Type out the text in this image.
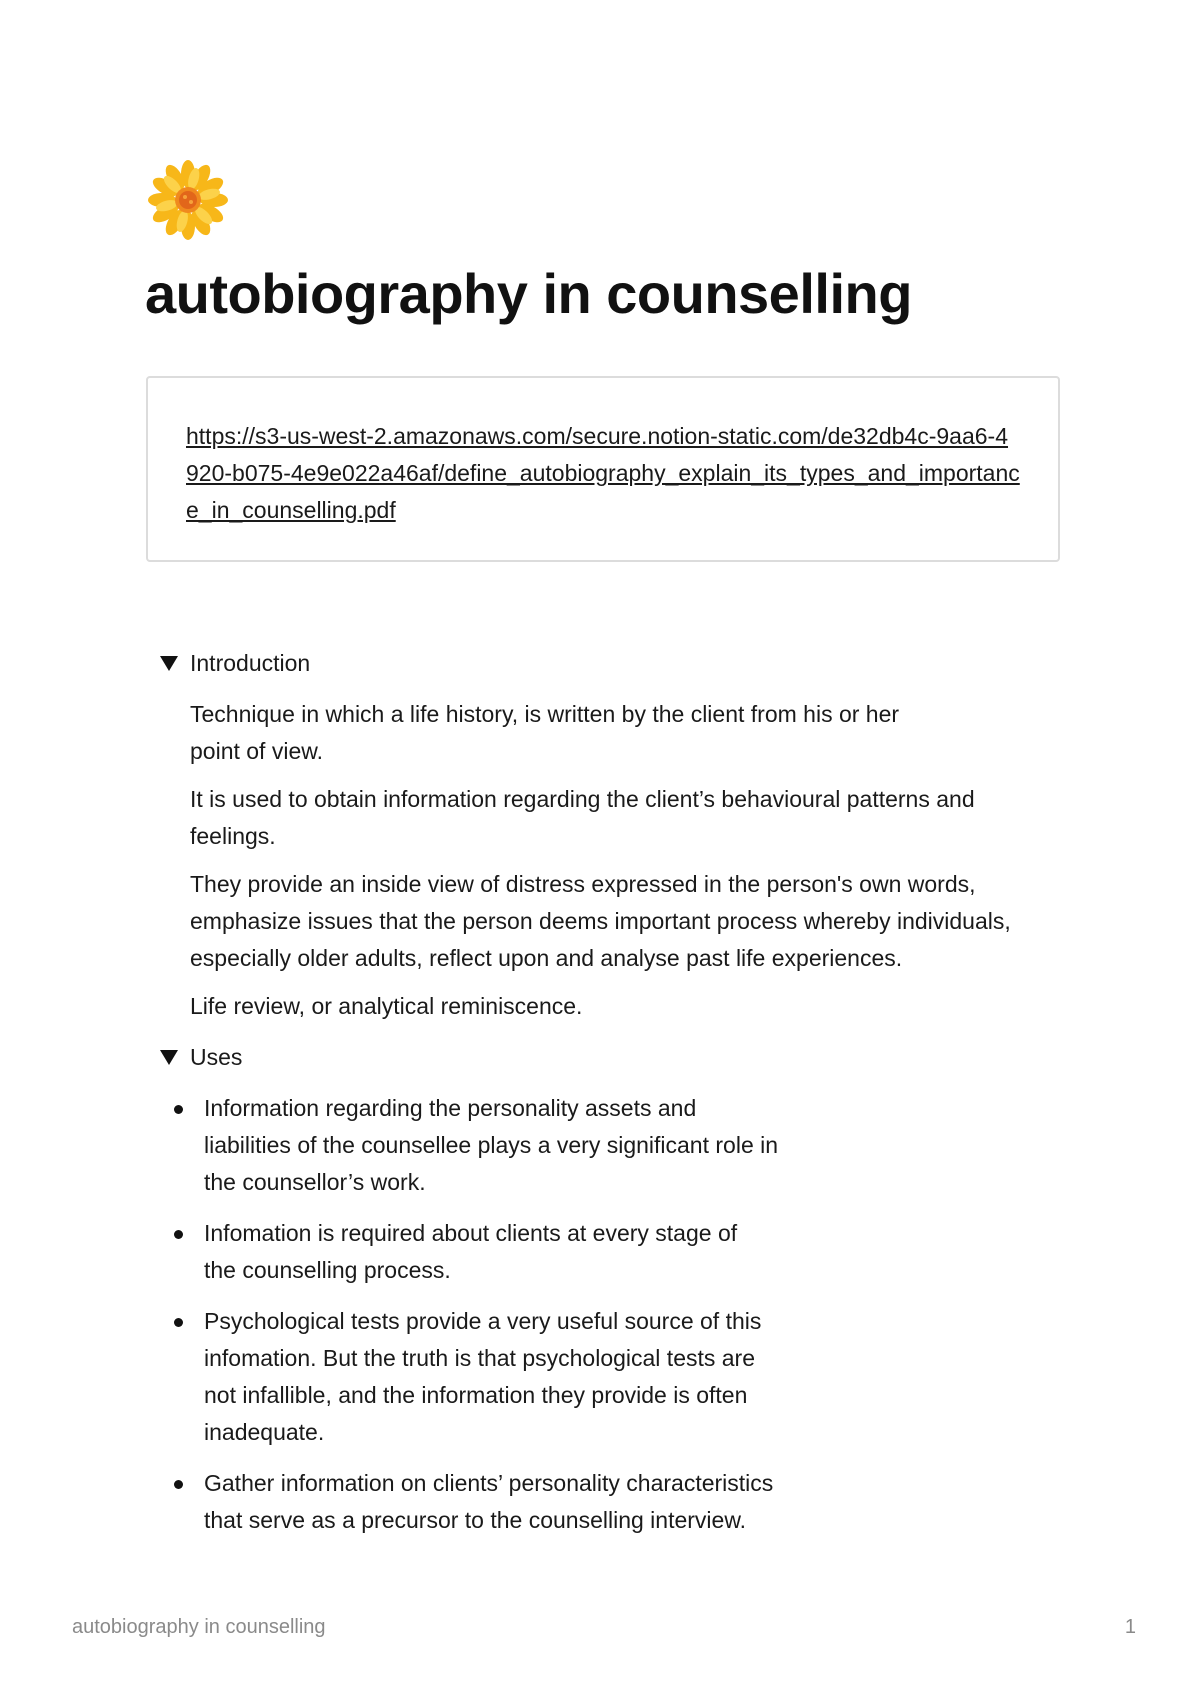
autobiography in counselling
https://s3-us-west-2.amazonaws.com/secure.notion-static.com/de32db4c-9aa6-4920-b075-4e9e022a46af/define_autobiography_explain_its_types_and_importance_in_counselling.pdf
Introduction

Technique in which a life history, is written by the client from his or her
point of view.

It is used to obtain information regarding the client’s behavioural patterns and
feelings.

They provide an inside view of distress expressed in the person's own words,
emphasize issues that the person deems important process whereby individuals,
especially older adults, reflect upon and analyse past life experiences.

Life review, or analytical reminiscence.

Uses
Information regarding the personality assets and
liabilities of the counsellee plays a very significant role in
the counsellor’s work.
Infomation is required about clients at every stage of
the counselling process.
Psychological tests provide a very useful source of this
infomation. But the truth is that psychological tests are
not infallible, and the information they provide is often
inadequate.
Gather information on clients’ personality characteristics
that serve as a precursor to the counselling interview.
autobiography in counselling	1
